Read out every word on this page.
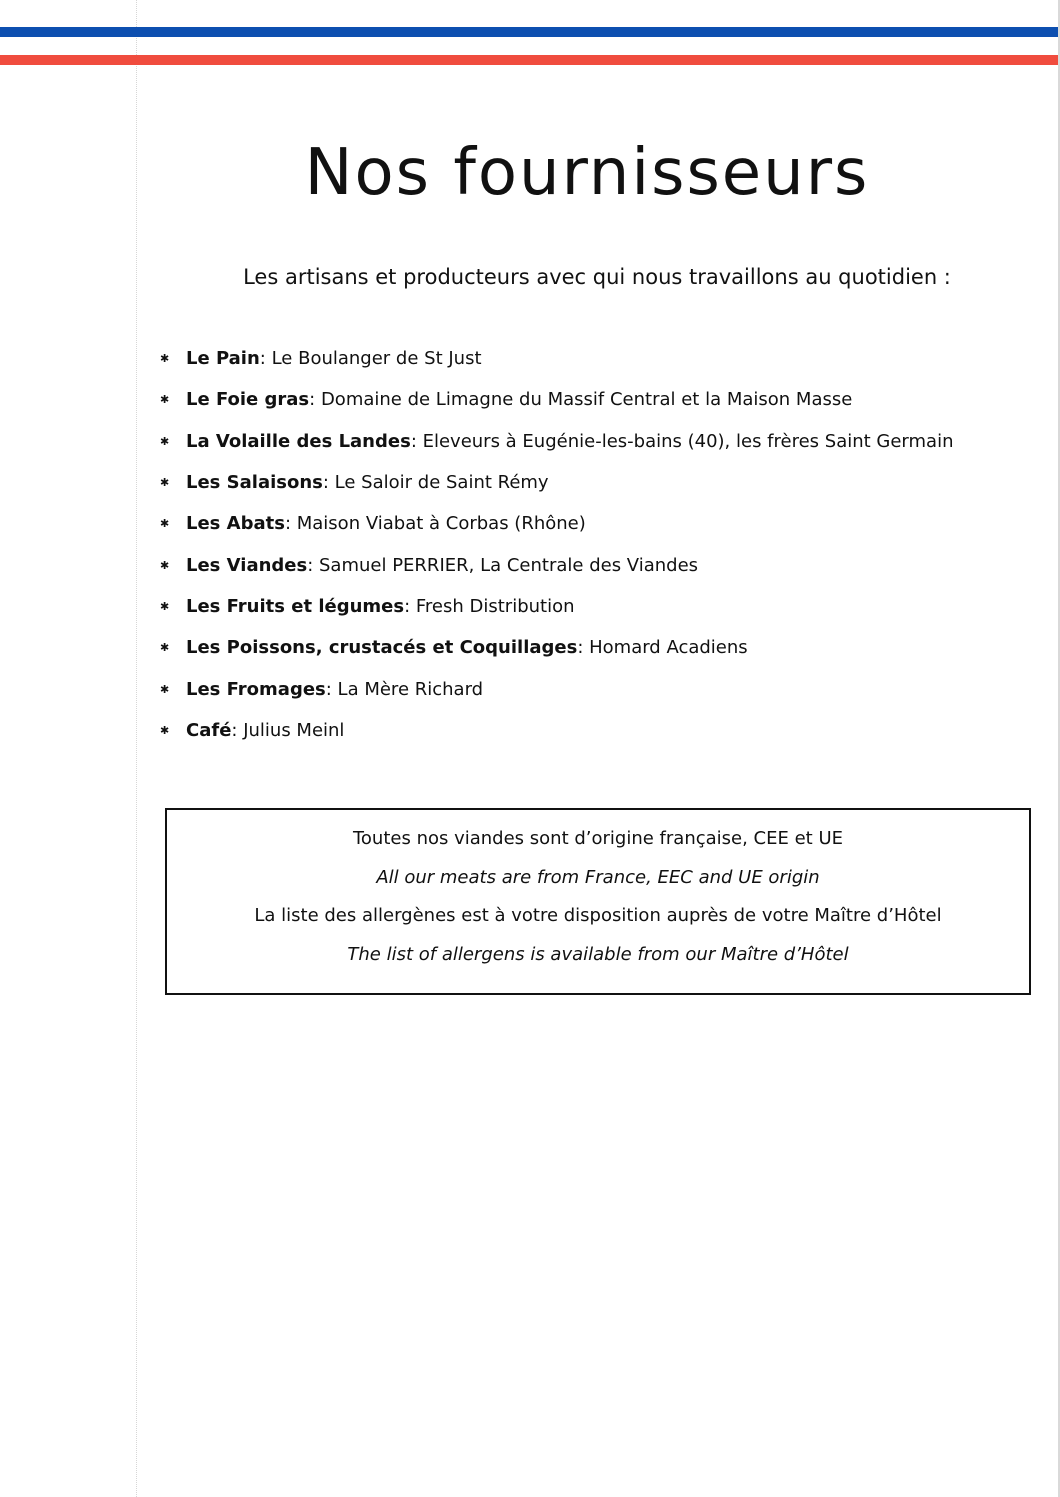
Nos fournisseurs

Les artisans et producteurs avec qui nous travaillons au quotidien :

✱ Le Pain : Le Boulanger de St Just
✱ Le Foie gras : Domaine de Limagne du Massif Central et la Maison Masse
✱ La Volaille des Landes : Eleveurs à Eugénie-les-bains (40), les frères Saint Germain
✱ Les Salaisons : Le Saloir de Saint Rémy
✱ Les Abats : Maison Viabat à Corbas (Rhône)
✱ Les Viandes : Samuel PERRIER, La Centrale des Viandes
✱ Les Fruits et légumes : Fresh Distribution
✱ Les Poissons, crustacés et Coquillages : Homard Acadiens
✱ Les Fromages : La Mère Richard
✱ Café : Julius Meinl
Toutes nos viandes sont d’origine française, CEE et UE
All our meats are from France, EEC and UE origin
La liste des allergènes est à votre disposition auprès de votre Maître d’Hôtel
The list of allergens is available from our Maître d’Hôtel
